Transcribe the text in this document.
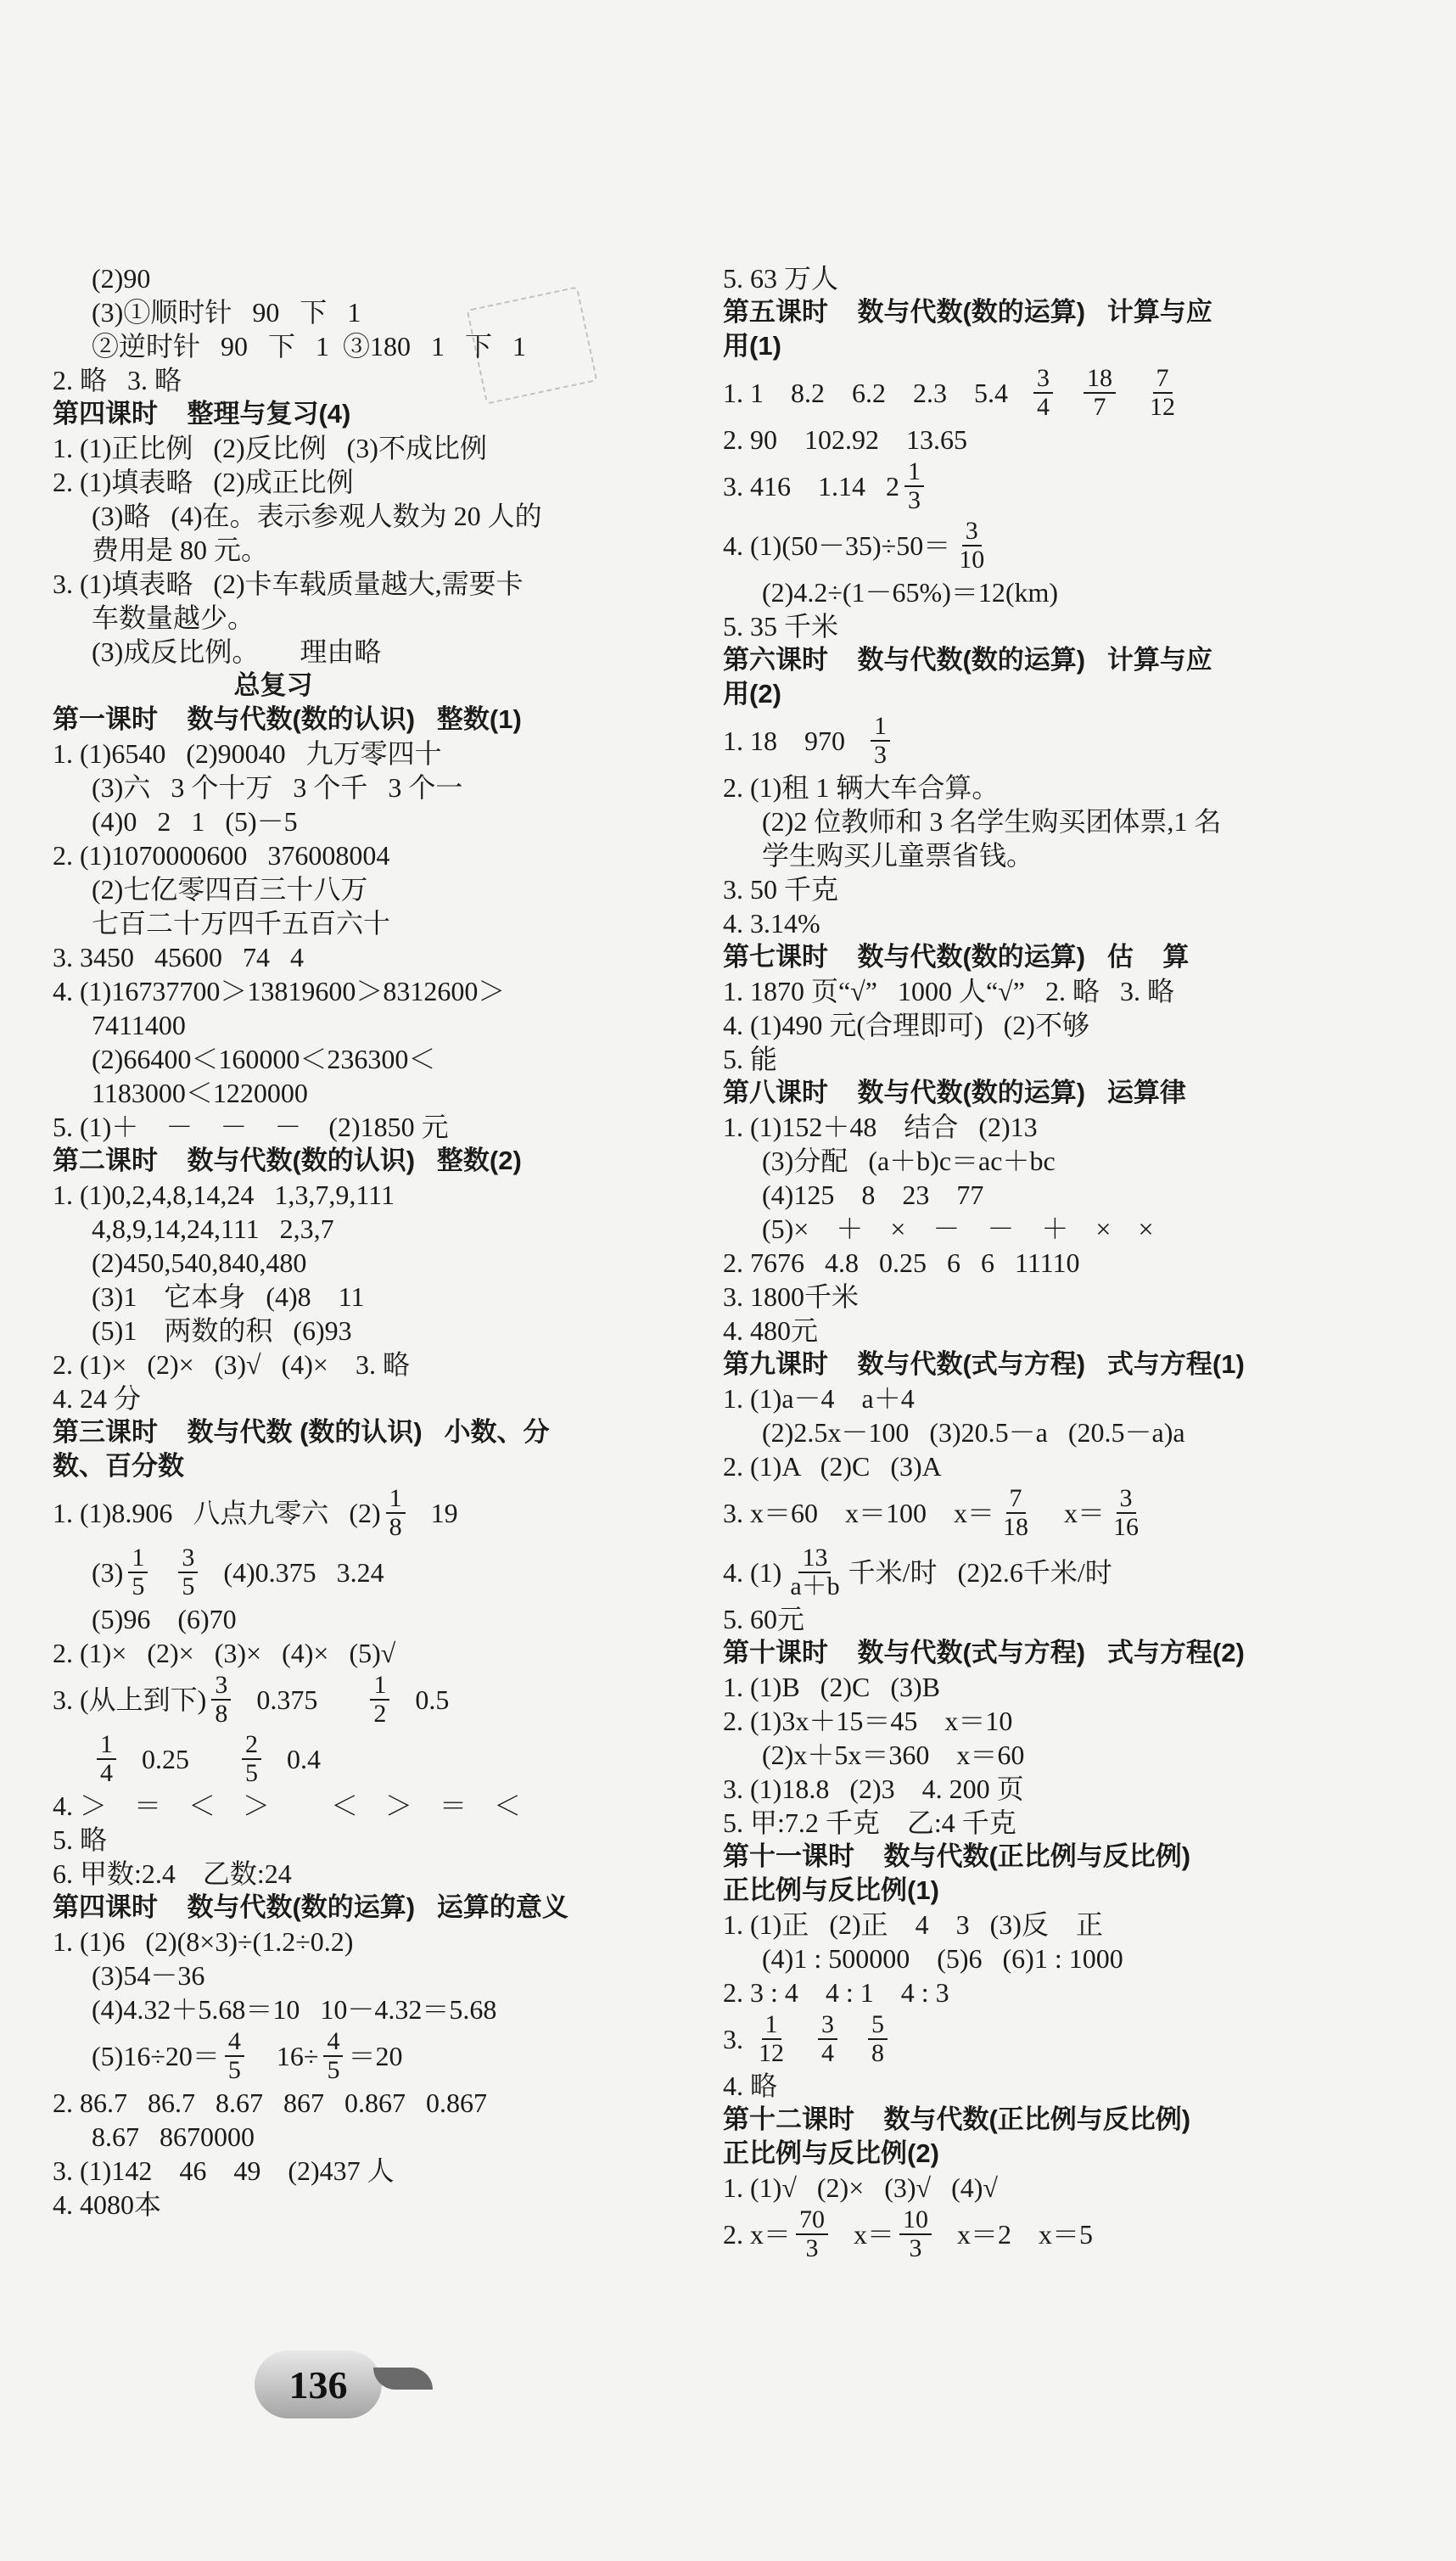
(2)90
(3)①顺时针   90   下   1
②逆时针   90   下   1  ③180   1   下   1
2. 略   3. 略
第四课时    整理与复习(4)
1. (1)正比例   (2)反比例   (3)不成比例
2. (1)填表略   (2)成正比例
(3)略   (4)在。表示参观人数为 20 人的
费用是 80 元。
3. (1)填表略   (2)卡车载质量越大,需要卡
车数量越少。
(3)成反比例。      理由略
总复习
第一课时    数与代数(数的认识)   整数(1)
1. (1)6540   (2)90040   九万零四十
(3)六   3 个十万   3 个千   3 个一
(4)0   2   1   (5)－5
2. (1)1070000600   376008004
(2)七亿零四百三十八万
七百二十万四千五百六十
3. 3450   45600   74   4
4. (1)16737700＞13819600＞8312600＞
7411400
(2)66400＜160000＜236300＜
1183000＜1220000
5. (1)＋    －    －    －    (2)1850 元
第二课时    数与代数(数的认识)   整数(2)
1. (1)0,2,4,8,14,24   1,3,7,9,111
4,8,9,14,24,111   2,3,7
(2)450,540,840,480
(3)1    它本身   (4)8    11
(5)1    两数的积   (6)93
2. (1)×   (2)×   (3)√   (4)×    3. 略
4. 24 分
第三课时    数与代数 (数的认识)   小数、分
数、百分数
1. (1)8.906   八点九零六   $(2) \frac{1}{8} 19$
$(3) \frac{1}{5}$
$\frac{3}{5} (4)0.375$   3.24
(5)96    (6)70
2. (1)×   (2)×   (3)×   (4)×   (5)√
3. (从上到下) $\frac{3}{8} 0.375 \frac{1}{2} 0.5$
$\frac{1}{4} 0.25 \frac{2}{5} 0.4$
4. ＞    ＝    ＜    ＞         ＜    ＞    ＝    ＜
5. 略
6. 甲数:2.4    乙数:24
第四课时    数与代数(数的运算)   运算的意义
1. (1)6   (2)(8×3)÷(1.2÷0.2)
(3)54－36
(4)4.32＋5.68＝10   10－4.32＝5.68
$(5)16\div 20= \frac{4}{5} 16\div \frac{4}{5} =20$
2. 86.7   86.7   8.67   867   0.867   0.867
8.67   8670000
3. (1)142    46    49    (2)437 人
4. 4080本
5. 63 万人
第五课时    数与代数(数的运算)   计算与应
用(1)
1. 1    8.2    6.2    2.3    $5.4 \frac{3}{4}$
$\frac{18}{7}$
$\frac{7}{12}$
2. 90    102.92    13.65
3. 416    1.14   $2 \frac{1}{3}$
4. $(1)(50-35)\div 50= \frac{3}{10}$
(2)4.2÷(1－65%)＝12(km)
5. 35 千米
第六课时    数与代数(数的运算)   计算与应
用(2)
1. 18    $970 \frac{1}{3}$
2. (1)租 1 辆大车合算。
(2)2 位教师和 3 名学生购买团体票,1 名
学生购买儿童票省钱。
3. 50 千克
4. 3.14%
第七课时    数与代数(数的运算)   估    算
1. 1870 页“√”   1000 人“√”   2. 略   3. 略
4. (1)490 元(合理即可)   (2)不够
5. 能
第八课时    数与代数(数的运算)   运算律
1. (1)152＋48    结合   (2)13
(3)分配   (a＋b)c＝ac＋bc
(4)125    8    23    77
(5)×    ＋    ×    －    －    ＋    ×    ×
2. 7676   4.8   0.25   6   6   11110
3. 1800千米
4. 480元
第九课时    数与代数(式与方程)   式与方程(1)
1. (1)a－4    a＋4
(2)2.5x－100   (3)20.5－a   (20.5－a)a
2. (1)A   (2)C   (3)A
3. x＝60    x＝100    $x= \frac{7}{18} x= \frac{3}{16}$
4. $(1) \frac{13}{a+b}$ 千米/时   (2)2.6千米/时
5. 60元
第十课时    数与代数(式与方程)   式与方程(2)
1. (1)B   (2)C   (3)B
2. (1)3x＋15＝45    x＝10
(2)x＋5x＝360    x＝60
3. (1)18.8   (2)3    4. 200 页
5. 甲:7.2 千克    乙:4 千克
第十一课时    数与代数(正比例与反比例)
正比例与反比例(1)
1. (1)正   (2)正    4    3   (3)反    正
(4)1 : 500000    (5)6   (6)1 : 1000
2. 3 : 4    4 : 1    4 : 3
3. $\frac{1}{12}$
$\frac{3}{4}$
$\frac{5}{8}$
4. 略
第十二课时    数与代数(正比例与反比例)
正比例与反比例(2)
1. (1)√   (2)×   (3)√   (4)√
2. $x= \frac{70}{3} x= \frac{10}{3} x=2$    x＝5
136
